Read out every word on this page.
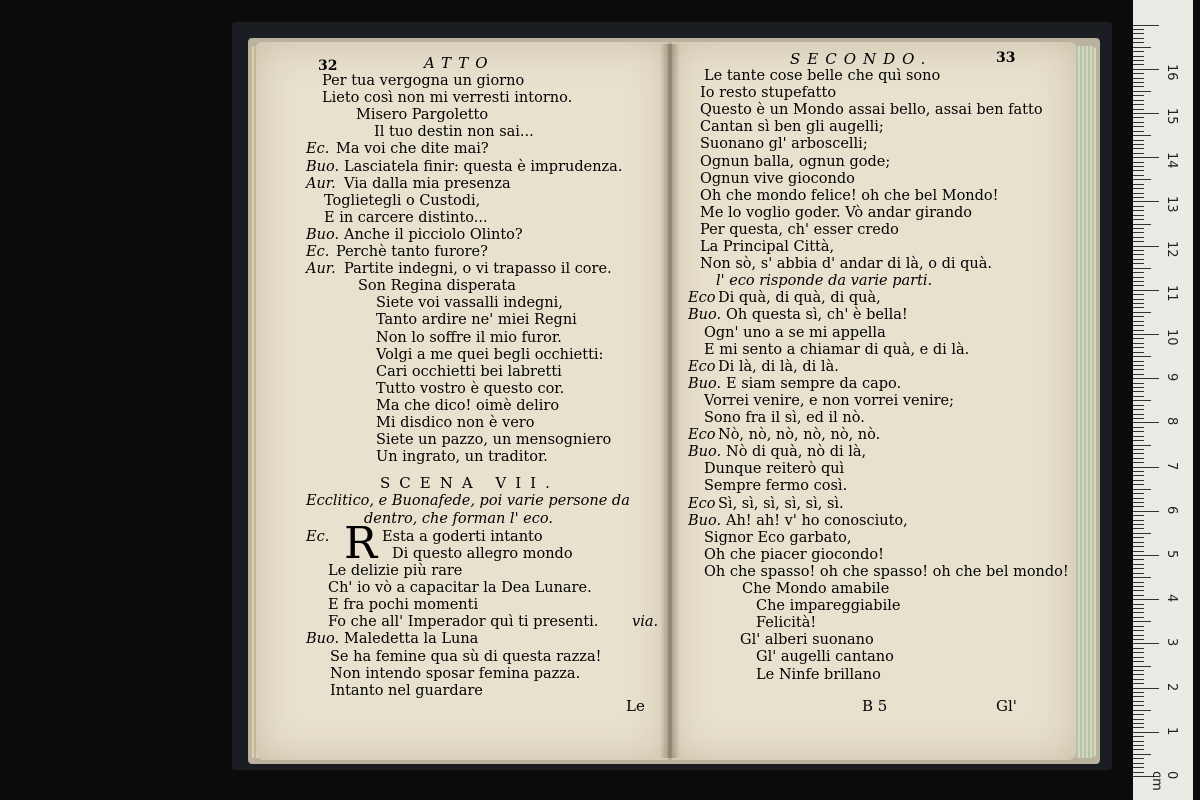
32	ATTO
Per tua vergogna un giorno
Lieto così non mi verresti intorno.
Misero Pargoletto
Il tuo destin non sai...
Ec. Ma voi che dite mai?
Buo. Lasciatela finir: questa è imprudenza.
Aur. Via dalla mia presenza
Toglietegli o Custodi,
E in carcere distinto...
Buo. Anche il picciolo Olinto?
Ec. Perchè tanto furore?
Aur. Partite indegni, o vi trapasso il core.
Son Regina disperata
Siete voi vassalli indegni,
Tanto ardire ne' miei Regni
Non lo soffre il mio furor.
Volgi a me quei begli occhietti:
Cari occhietti bei labretti
Tutto vostro è questo cor.
Ma che dico! oimè deliro
Mi disdico non è vero
Siete un pazzo, un mensogniero
Un ingrato, un traditor.
SCENA VII.
Ecclitico, e Buonafede, poi varie persone da
dentro, che forman l' eco.
Ec. R Esta a goderti intanto
Di questo allegro mondo
Le delizie più rare
Ch' io vò a capacitar la Dea Lunare.
E fra pochi momenti
Fo che all' Imperador quì ti presenti. via.
Buo. Maledetta la Luna
Se ha femine qua sù di questa razza!
Non intendo sposar femina pazza.
Intanto nel guardare
Le
SECONDO.	33
Le tante cose belle che quì sono
Io resto stupefatto
Questo è un Mondo assai bello, assai ben fatto
Cantan sì ben gli augelli;
Suonano gl' arboscelli;
Ognun balla, ognun gode;
Ognun vive giocondo
Oh che mondo felice! oh che bel Mondo!
Me lo voglio goder. Vò andar girando
Per questa, ch' esser credo
La Principal Città,
Non sò, s' abbia d' andar di là, o di quà.
l' eco risponde da varie parti.
Eco Di quà, di quà, di quà,
Buo. Oh questa sì, ch' è bella!
Ogn' uno a se mi appella
E mi sento a chiamar di quà, e di là.
Eco Di là, di là, di là.
Buo. E siam sempre da capo.
Vorrei venire, e non vorrei venire;
Sono fra il sì, ed il nò.
Eco Nò, nò, nò, nò, nò, nò.
Buo. Nò di quà, nò di là,
Dunque reiterò quì
Sempre fermo così.
Eco Sì, sì, sì, sì, sì, sì.
Buo. Ah! ah! v' ho conosciuto,
Signor Eco garbato,
Oh che piacer giocondo!
Oh che spasso! oh che spasso! oh che bel mondo!
Che Mondo amabile
Che impareggiabile
Felicità!
Gl' alberi suonano
Gl' augelli cantano
Le Ninfe brillano
B 5	Gl'
0 cm
1
2
3
4
5
6
7
8
9
10
11
12
13
14
15
16
